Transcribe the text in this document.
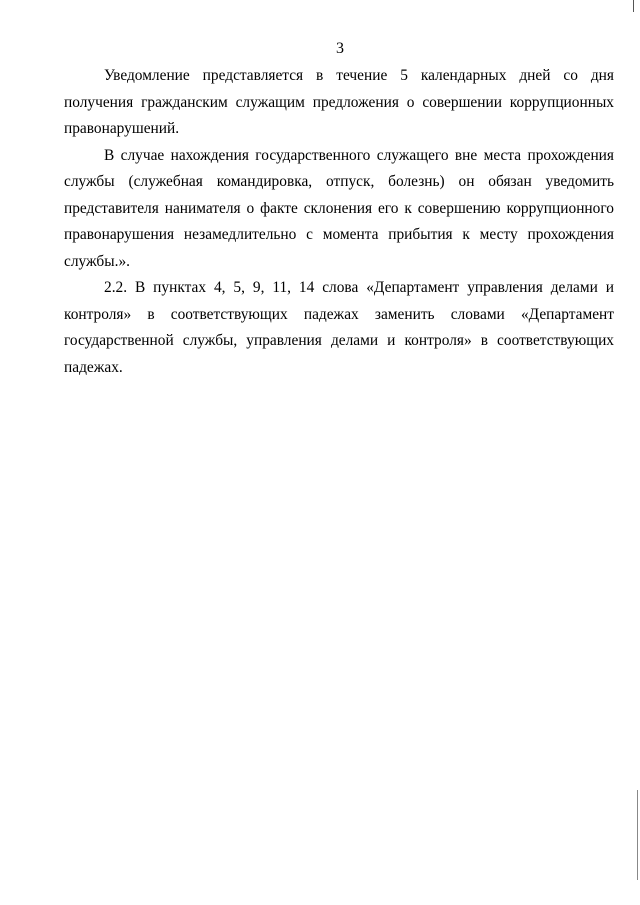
3

Уведомление представляется в течение 5 календарных дней со дня получения гражданским служащим предложения о совершении коррупционных правонарушений.

В случае нахождения государственного служащего вне места прохождения службы (служебная командировка, отпуск, болезнь) он обязан уведомить представителя нанимателя о факте склонения его к совершению коррупционного правонарушения незамедлительно с момента прибытия к месту прохождения службы.».

2.2. В пунктах 4, 5, 9, 11, 14 слова «Департамент управления делами и контроля» в соответствующих падежах заменить словами «Департамент государственной службы, управления делами и контроля» в соответствующих падежах.
